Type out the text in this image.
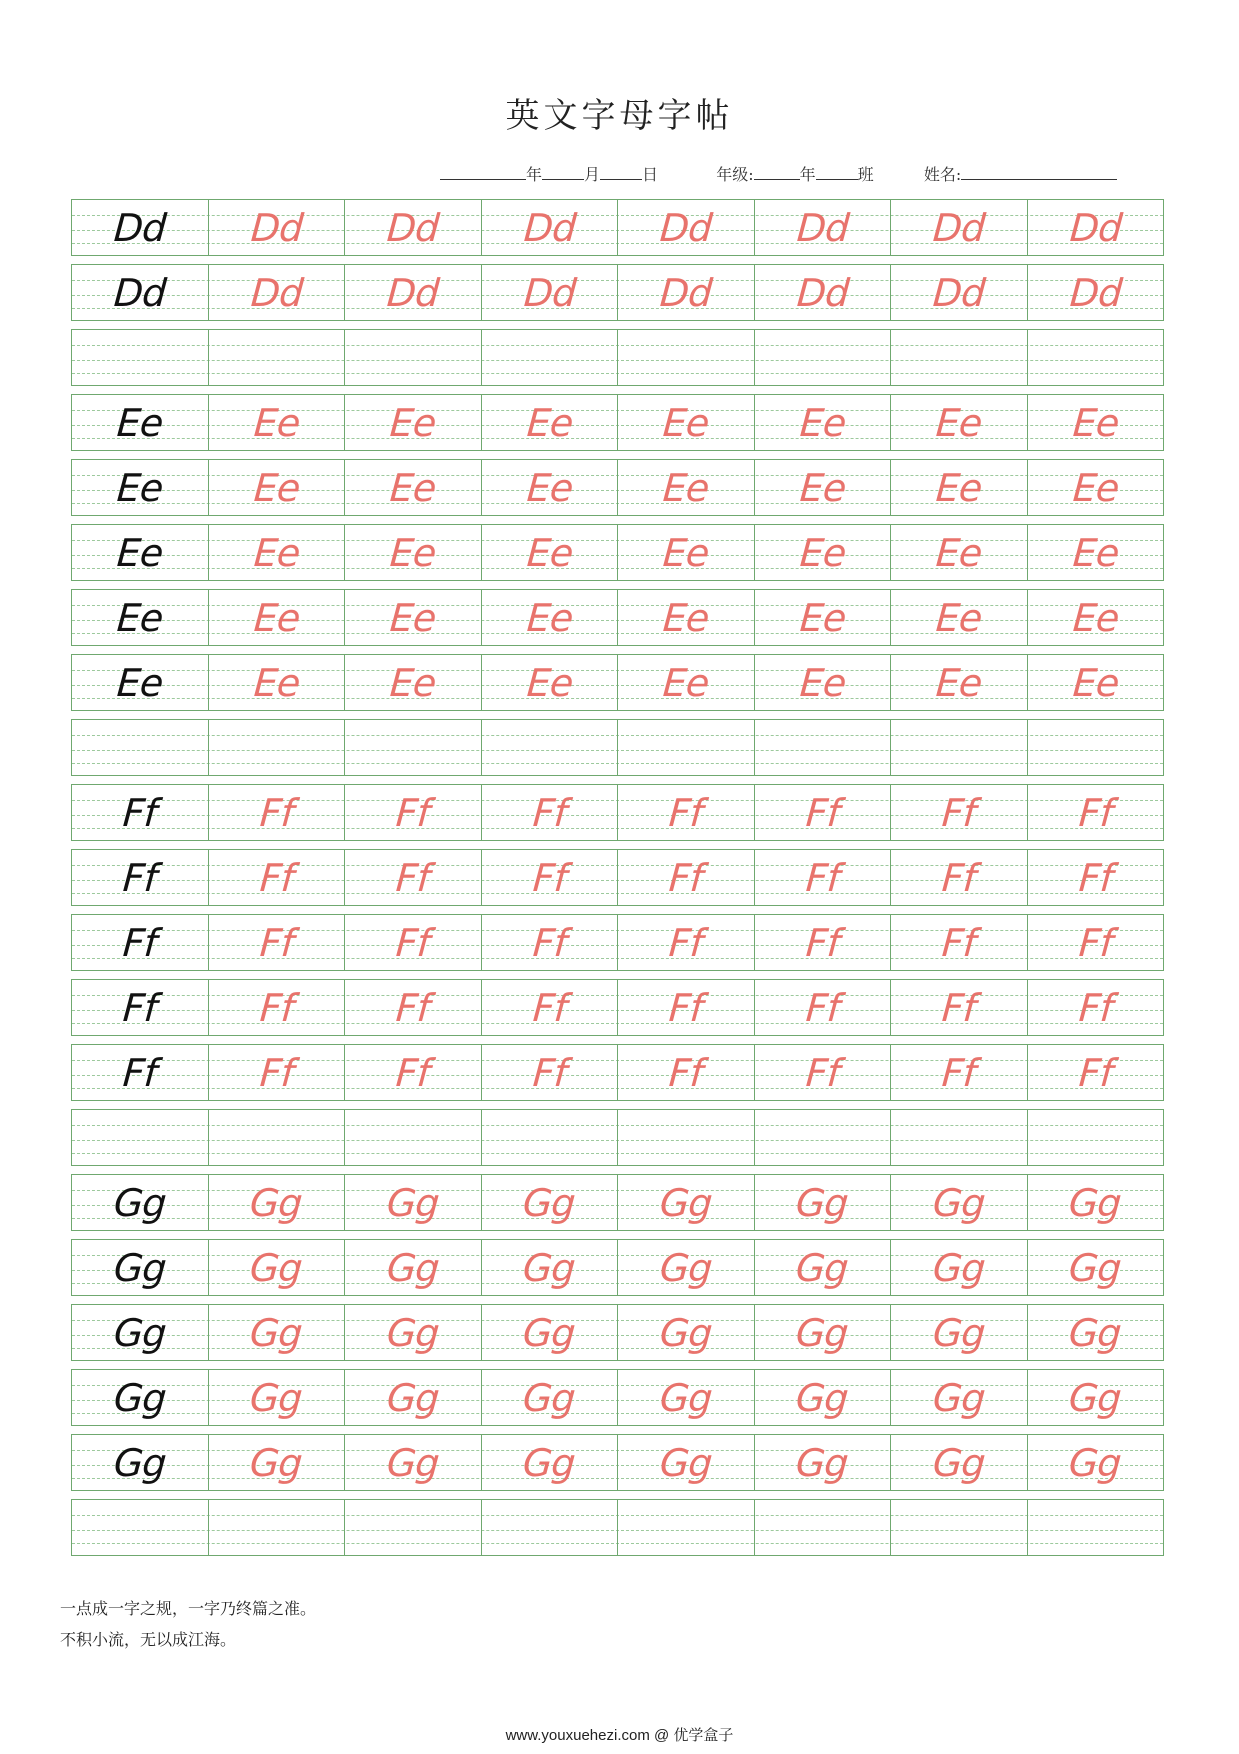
英文字母字帖
年	月	日	年级:	年	班	姓名:
Dd Dd Dd Dd Dd Dd Dd Dd
Dd Dd Dd Dd Dd Dd Dd Dd
Ee Ee Ee Ee Ee Ee Ee Ee
Ee Ee Ee Ee Ee Ee Ee Ee
Ee Ee Ee Ee Ee Ee Ee Ee
Ee Ee Ee Ee Ee Ee Ee Ee
Ee Ee Ee Ee Ee Ee Ee Ee
Ff	Ff	Ff	Ff	Ff	Ff	Ff	Ff
Ff	Ff	Ff	Ff	Ff	Ff	Ff	Ff
Ff	Ff	Ff	Ff	Ff	Ff	Ff	Ff
Ff	Ff	Ff	Ff	Ff	Ff	Ff	Ff
Ff	Ff	Ff	Ff	Ff	Ff	Ff	Ff
Gg Gg Gg Gg Gg Gg Gg Gg
Gg Gg Gg Gg Gg Gg Gg Gg
Gg Gg Gg Gg Gg Gg Gg Gg
Gg Gg Gg Gg Gg Gg Gg Gg
Gg Gg Gg Gg Gg Gg Gg Gg
一点成一字之规，一字乃终篇之准。
不积小流，无以成江海。
www.youxuehezi.com @ 优学盒子
